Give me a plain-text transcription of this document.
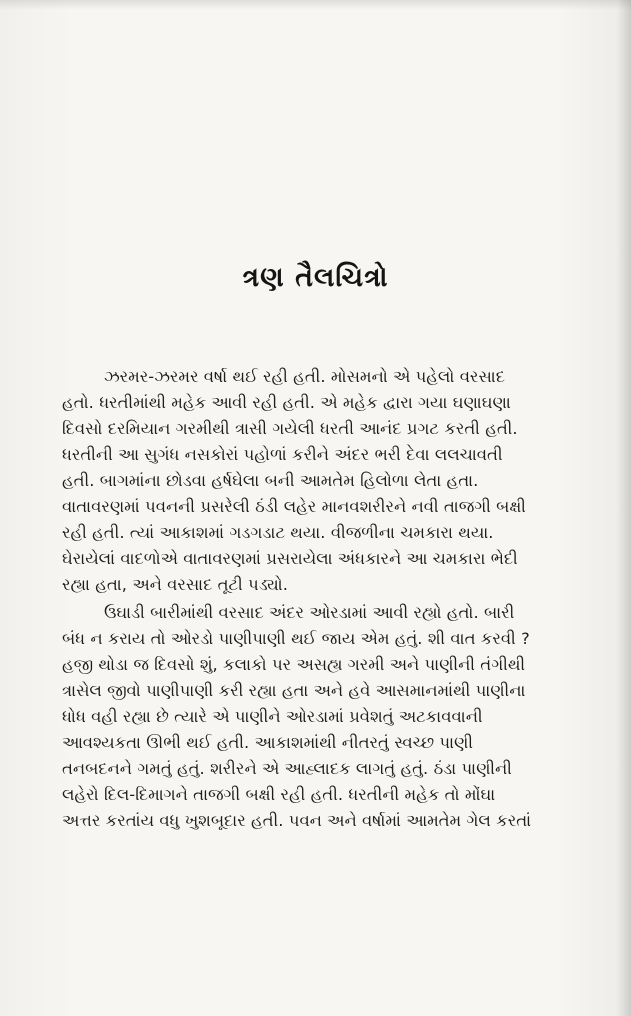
ત્રણ તૈલચિત્રો
ઝરમર-ઝરમર વર્ષા થઈ રહી હતી. મોસમનો એ પહેલો વરસાદ
હતો. ધરતીમાંથી મહેક આવી રહી હતી. એ મહેક દ્વારા ગયા ઘણાઘણા
દિવસો દરમિયાન ગરમીથી ત્રાસી ગયેલી ધરતી આનંદ પ્રગટ કરતી હતી.
ધરતીની આ સુગંધ નસકોરાં પહોળાં કરીને અંદર ભરી દેવા લલચાવતી
હતી. બાગમાંના છોડવા હર્ષઘેલા બની આમતેમ હિલોળા લેતા હતા.
વાતાવરણમાં પવનની પ્રસરેલી ઠંડી લહેર માનવશરીરને નવી તાજગી બક્ષી
રહી હતી. ત્યાં આકાશમાં ગડગડાટ થયા. વીજળીના ચમકારા થયા.
ઘેરાયેલાં વાદળોએ વાતાવરણમાં પ્રસરાયેલા અંધકારને આ ચમકારા ભેદી
રહ્યા હતા, અને વરસાદ તૂટી પડ્યો.
ઉઘાડી બારીમાંથી વરસાદ અંદર ઓરડામાં આવી રહ્યો હતો. બારી
બંધ ન કરાય તો ઓરડો પાણીપાણી થઈ જાય એમ હતું. શી વાત કરવી ?
હજી થોડા જ દિવસો શું, કલાકો પર અસહ્ય ગરમી અને પાણીની તંગીથી
ત્રાસેલ જીવો પાણીપાણી કરી રહ્યા હતા અને હવે આસમાનમાંથી પાણીના
ધોધ વહી રહ્યા છે ત્યારે એ પાણીને ઓરડામાં પ્રવેશતું અટકાવવાની
આવશ્યકતા ઊભી થઈ હતી. આકાશમાંથી નીતરતું સ્વચ્છ પાણી
તનબદનને ગમતું હતું. શરીરને એ આહ્લાદક લાગતું હતું. ઠંડા પાણીની
લહેરો દિલ-દિમાગને તાજગી બક્ષી રહી હતી. ધરતીની મહેક તો મોંઘા
અત્તર કરતાંય વધુ ખુશબૂદાર હતી. પવન અને વર્ષામાં આમતેમ ગેલ કરતાં
